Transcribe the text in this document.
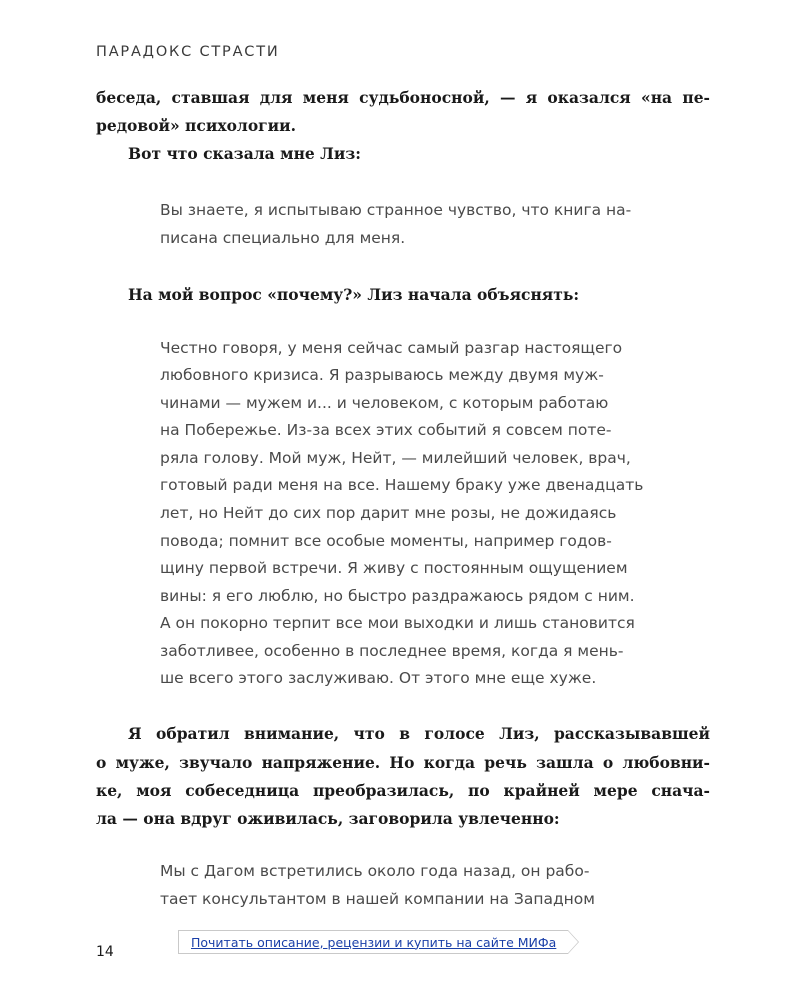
ПАРАДОКС СТРАСТИ

беседа, ставшая для меня судьбоносной, — я оказался «на пе-

редовой» психологии.

Вот что сказала мне Лиз:

Вы знаете, я испытываю странное чувство, что книга на-

писана специально для меня.

На мой вопрос «почему?» Лиз начала объяснять:

Честно говоря, у меня сейчас самый разгар настоящего

любовного кризиса. Я разрываюсь между двумя муж-

чинами — мужем и... и человеком, с которым работаю

на Побережье. Из-за всех этих событий я совсем поте-

ряла голову. Мой муж, Нейт, — милейший человек, врач,

готовый ради меня на все. Нашему браку уже двенадцать

лет, но Нейт до сих пор дарит мне розы, не дожидаясь

повода; помнит все особые моменты, например годов-

щину первой встречи. Я живу с постоянным ощущением

вины: я его люблю, но быстро раздражаюсь рядом с ним.

А он покорно терпит все мои выходки и лишь становится

заботливее, особенно в последнее время, когда я мень-

ше всего этого заслуживаю. От этого мне еще хуже.

Я обратил внимание, что в голосе Лиз, рассказывавшей

о муже, звучало напряжение. Но когда речь зашла о любовни-

ке, моя собеседница преобразилась, по крайней мере снача-

ла — она вдруг оживилась, заговорила увлеченно:

Мы с Дагом встретились около года назад, он рабо-

тает консультантом в нашей компании на Западном

14
Почитать описание, рецензии и купить на сайте МИФа
